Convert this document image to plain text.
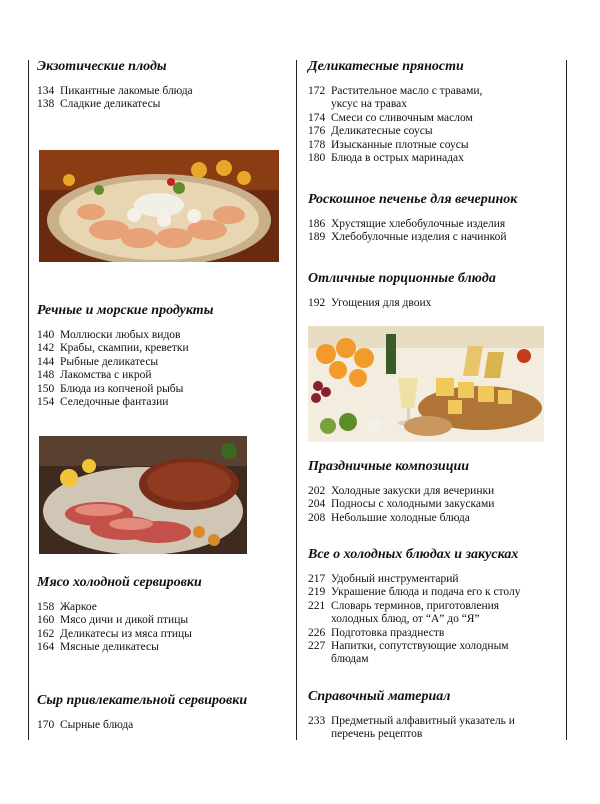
Экзотические плоды
134 Пикантные лакомые блюда
138 Сладкие деликатесы
Речные и морские продукты
140 Моллюски любых видов
142 Крабы, скампии, креветки
144 Рыбные деликатесы
148 Лакомства с икрой
150 Блюда из копченой рыбы
154 Селедочные фантазии
Мясо холодной сервировки
158 Жаркое
160 Мясо дичи и дикой птицы
162 Деликатесы из мяса птицы
164 Мясные деликатесы
Сыр привлекательной сервировки
170 Сырные блюда
Деликатесные пряности
172 Растительное масло с травами,
уксус на травах
174 Смеси со сливочным маслом
176 Деликатесные соусы
178 Изысканные плотные соусы
180 Блюда в острых маринадах
Роскошное печенье для вечеринок
186 Хрустящие хлебобулочные изделия
189 Хлебобулочные изделия с начинкой
Отличные порционные блюда
192 Угощения для двоих
Праздничные композиции
202 Холодные закуски для вечеринки
204 Подносы с холодными закусками
208 Небольшие холодные блюда
Все о холодных блюдах и закусках
217 Удобный инструментарий
219 Украшение блюда и подача его к столу
221 Словарь терминов, приготовления
холодных блюд, от “А” до “Я”
226 Подготовка празднеств
227 Напитки, сопутствующие холодным
блюдам
Справочный материал
233 Предметный алфавитный указатель и
перечень рецептов
